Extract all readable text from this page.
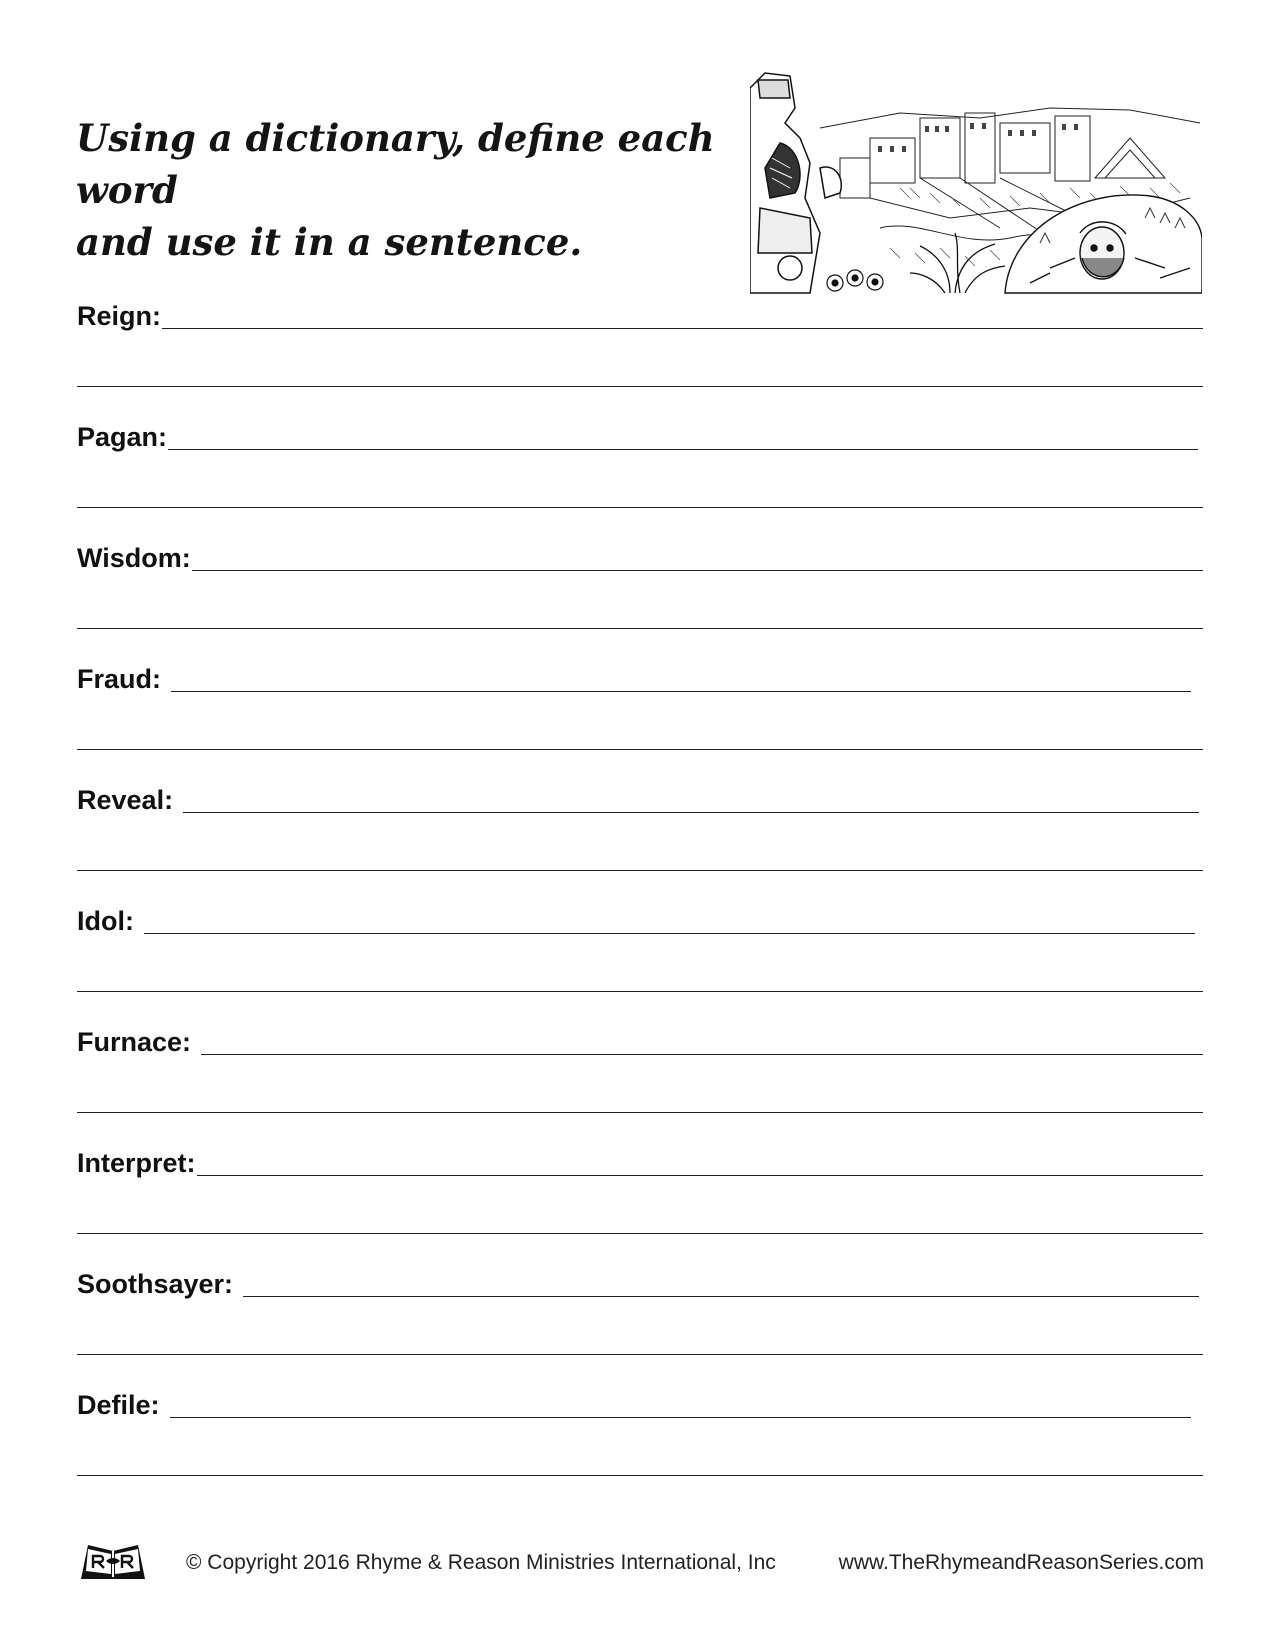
Using a dictionary, define each word
and use it in a sentence.
Reign:
Pagan:
Wisdom:
Fraud:
Reveal:
Idol:
Furnace:
Interpret:
Soothsayer:
Defile:
© Copyright 2016 Rhyme & Reason Ministries International, Inc	www.TheRhymeandReasonSeries.com
